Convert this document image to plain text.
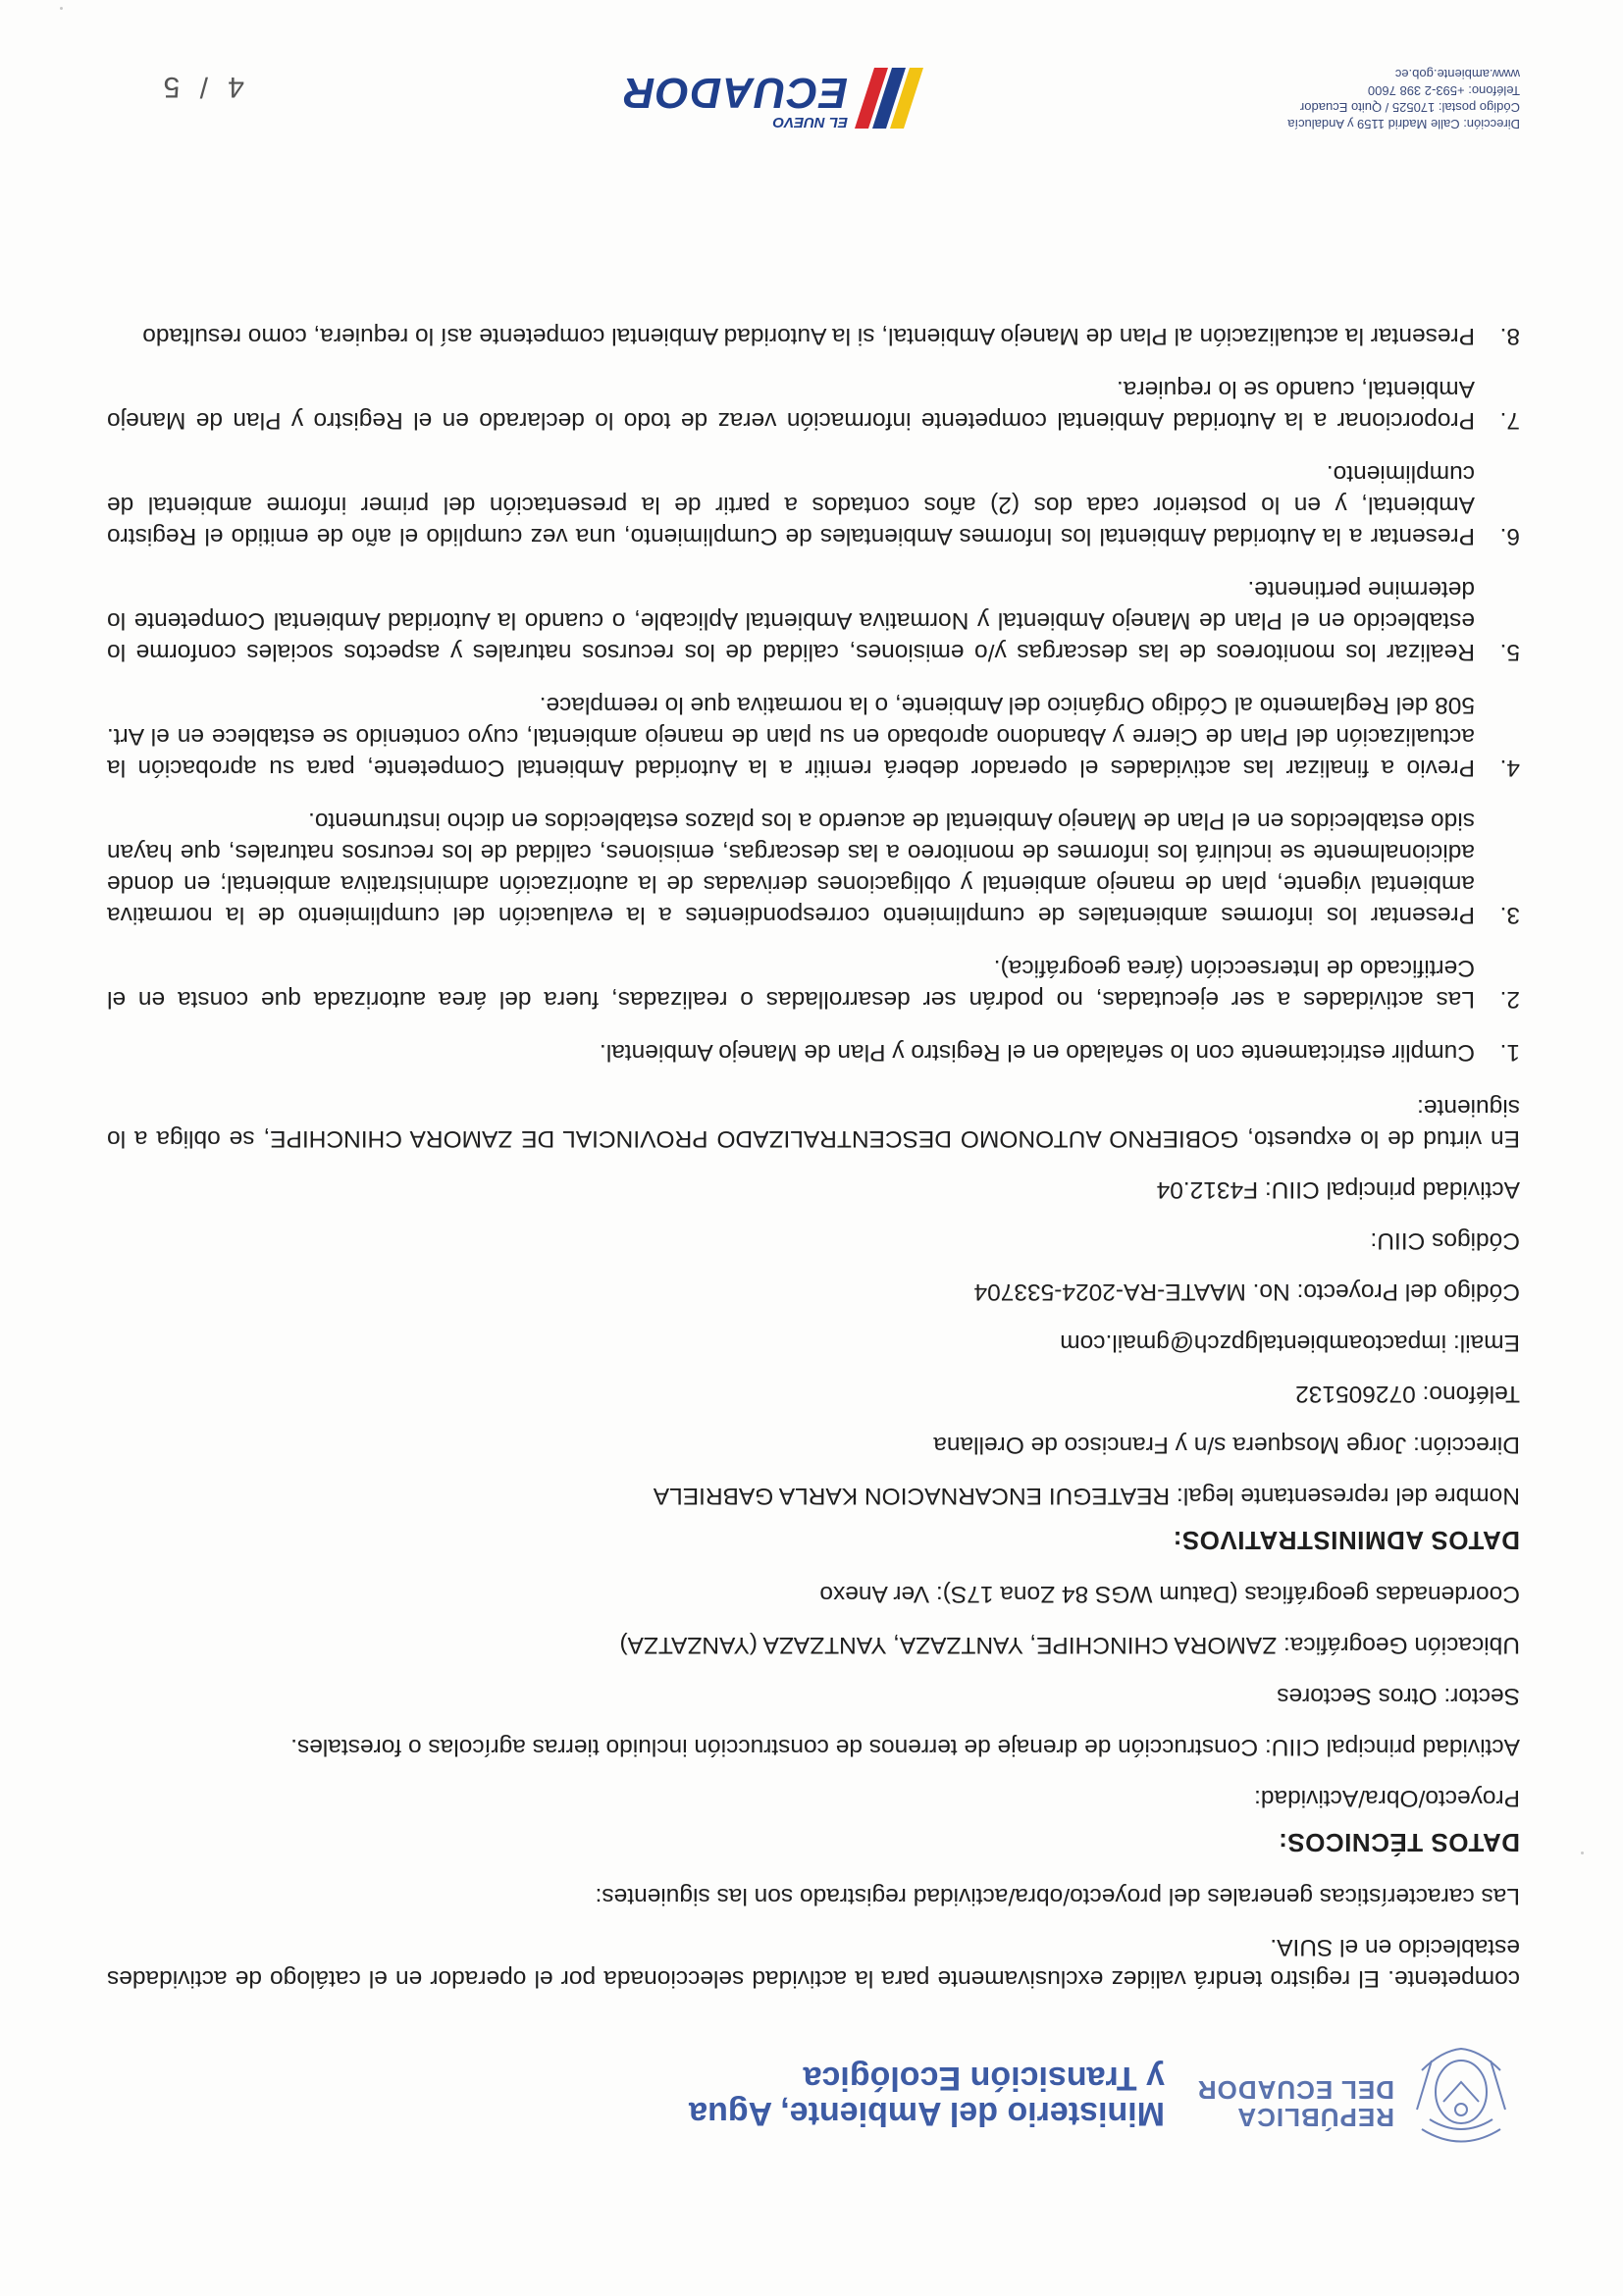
REPÚBLICA
DEL ECUADOR
Ministerio del Ambiente, Agua
y Transición Ecológica

competente. El registro tendrá validez exclusivamente para la actividad seleccionada por el operador en el catálogo de actividades establecido en el SUIA.

Las características generales del proyecto/obra/actividad registrado son las siguientes:

DATOS TÉCNICOS:

Proyecto/Obra/Actividad:

Actividad principal CIIU: Construcción de drenaje de terrenos de construcción incluido tierras agrícolas o forestales.

Sector: Otros Sectores

Ubicación Geográfica: ZAMORA CHINCHIPE, YANTZAZA, YANTZAZA (YANZATZA)

Coordenadas geográficas (Datum WGS 84 Zona 17S): Ver Anexo

DATOS ADMINISTRATIVOS:

Nombre del representante legal: REATEGUI ENCARNACION KARLA GABRIELA

Dirección: Jorge Mosquera s/n y Francisco de Orellana

Teléfono: 072605132

Email: impactoambientalgpzch@gmail.com

Código del Proyecto: No. MAATE-RA-2024-533704

Códigos CIIU:

Actividad principal CIIU: F4312.04

En virtud de lo expuesto, GOBIERNO AUTONOMO DESCENTRALIZADO PROVINCIAL DE ZAMORA CHINCHIPE, se obliga a lo siguiente:

1.
Cumplir estrictamente con lo señalado en el Registro y Plan de Manejo Ambiental.
2.
Las actividades a ser ejecutadas, no podrán ser desarrolladas o realizadas, fuera del área autorizada que consta en el Certificado de Intersección (área geográfica).
3.
Presentar los informes ambientales de cumplimiento correspondientes a la evaluación del cumplimiento de la normativa ambiental vigente, plan de manejo ambiental y obligaciones derivadas de la autorización administrativa ambiental; en donde adicionalmente se incluirá los informes de monitoreo a las descargas, emisiones, calidad de los recursos naturales, que hayan sido establecidos en el Plan de Manejo Ambiental de acuerdo a los plazos establecidos en dicho instrumento.
4.
Previo a finalizar las actividades el operador deberá remitir a la Autoridad Ambiental Competente, para su aprobación la actualización del Plan de Cierre y Abandono aprobado en su plan de manejo ambiental, cuyo contenido se establece en el Art. 508 del Reglamento al Código Orgánico del Ambiente, o la normativa que lo reemplace.
5.
Realizar los monitoreos de las descargas y/o emisiones, calidad de los recursos naturales y aspectos sociales conforme lo establecido en el Plan de Manejo Ambiental y Normativa Ambiental Aplicable, o cuando la Autoridad Ambiental Competente lo determine pertinente.
6.
Presentar a la Autoridad Ambiental los Informes Ambientales de Cumplimiento, una vez cumplido el año de emitido el Registro Ambiental, y en lo posterior cada dos (2) años contados a partir de la presentación del primer informe ambiental de cumplimiento.
7.
Proporcionar a la Autoridad Ambiental competente información veraz de todo lo declarado en el Registro y Plan de Manejo Ambiental, cuando se lo requiera.
8.
Presentar la actualización al Plan de Manejo Ambiental, si la Autoridad Ambiental competente así lo requiera, como resultado
Dirección: Calle Madrid 1159 y Andalucía
Código postal: 170525 / Quito Ecuador
Teléfono: +593-2 398 7600
www.ambiente.gob.ec
EL NUEVO
ECUADOR
4 / 5
